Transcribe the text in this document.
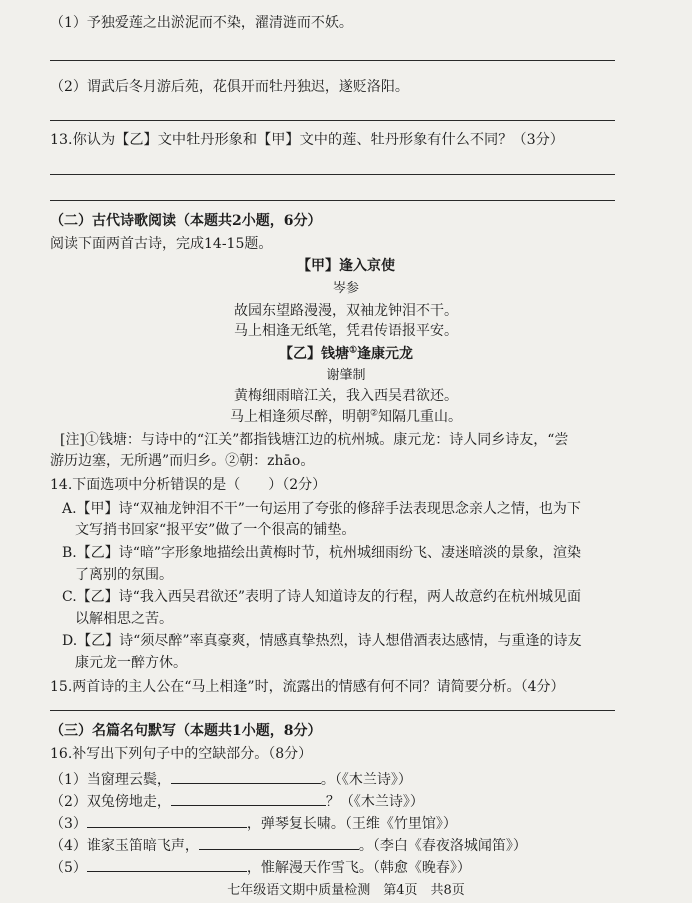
（1）予独爱莲之出淤泥而不染，濯清涟而不妖。
（2）谓武后冬月游后苑，花俱开而牡丹独迟，遂贬洛阳。
13.你认为【乙】文中牡丹形象和【甲】文中的莲、牡丹形象有什么不同？（3分）
（二）古代诗歌阅读（本题共2小题，6分）
阅读下面两首古诗，完成14-15题。
【甲】逢入京使
岑参
故园东望路漫漫，双袖龙钟泪不干。
马上相逢无纸笔，凭君传语报平安。
【乙】钱塘①逢康元龙
谢肇制
黄梅细雨暗江关，我入西吴君欲还。
马上相逢须尽醉，明朝②知隔几重山。
[注]①钱塘：与诗中的“江关”都指钱塘江边的杭州城。康元龙：诗人同乡诗友，“尝
游历边塞，无所遇”而归乡。②朝：zhāo。
14.下面选项中分析错误的是（　　）（2分）
A.【甲】诗“双袖龙钟泪不干”一句运用了夸张的修辞手法表现思念亲人之情，也为下
文写捎书回家“报平安”做了一个很高的铺垫。
B.【乙】诗“暗”字形象地描绘出黄梅时节，杭州城细雨纷飞、凄迷暗淡的景象，渲染
了离别的氛围。
C.【乙】诗“我入西吴君欲还”表明了诗人知道诗友的行程，两人故意约在杭州城见面
以解相思之苦。
D.【乙】诗“须尽醉”率真豪爽，情感真挚热烈，诗人想借酒表达感情，与重逢的诗友
康元龙一醉方休。
15.两首诗的主人公在“马上相逢”时，流露出的情感有何不同？请简要分析。（4分）
（三）名篇名句默写（本题共1小题，8分）
16.补写出下列句子中的空缺部分。（8分）
（1）当窗理云鬓，	。（《木兰诗》）
（2）双兔傍地走，	？（《木兰诗》）
（3）	，弹琴复长啸。（王维《竹里馆》）
（4）谁家玉笛暗飞声，	。（李白《春夜洛城闻笛》）
（5）	，惟解漫天作雪飞。（韩愈《晚春》）
七年级语文期中质量检测　第4页　共8页
